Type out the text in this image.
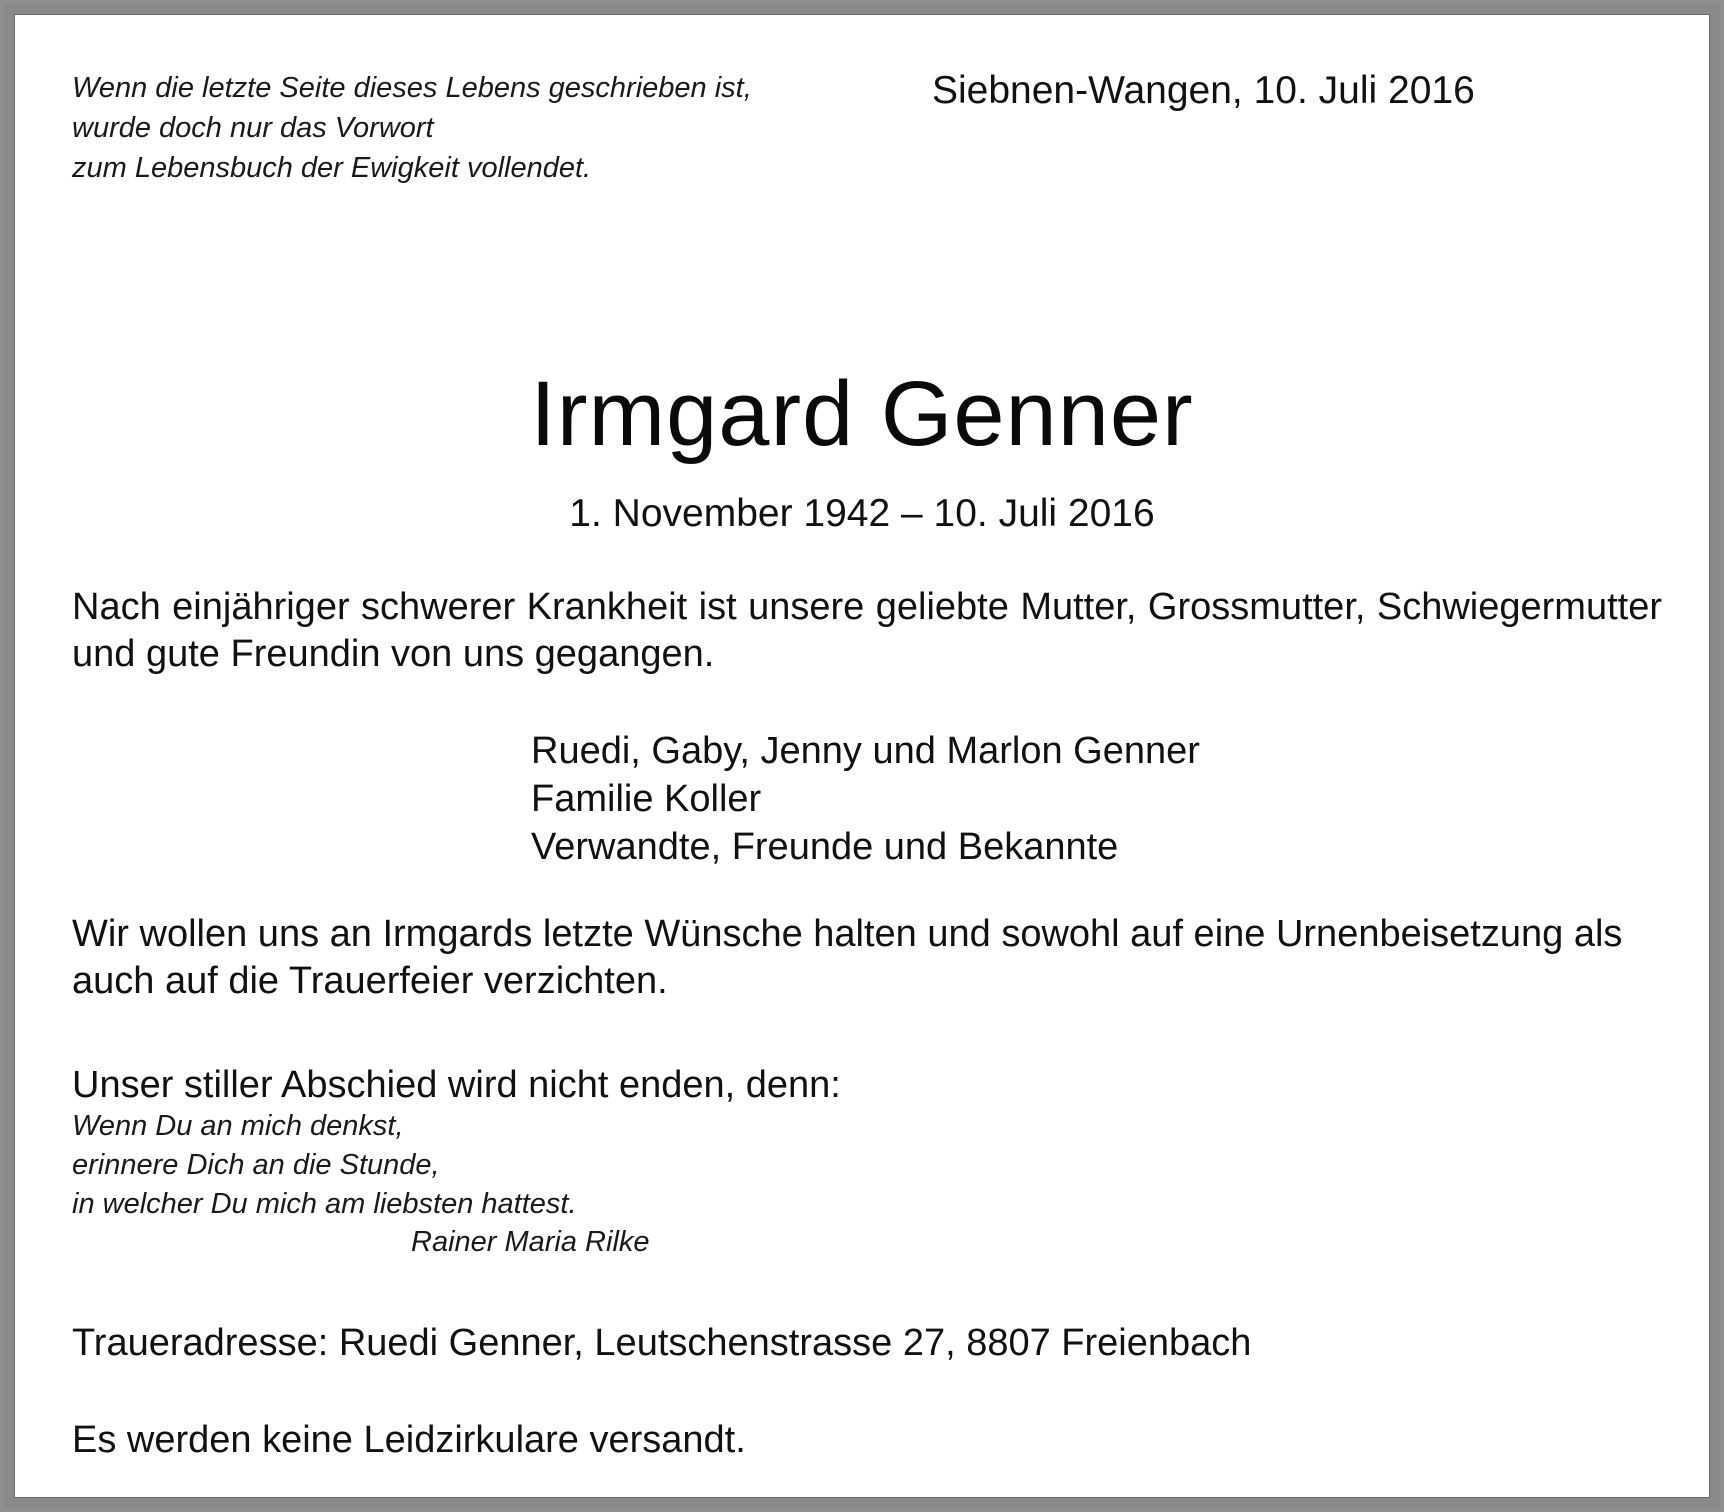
Wenn die letzte Seite dieses Lebens geschrieben ist,
wurde doch nur das Vorwort
zum Lebensbuch der Ewigkeit vollendet.
Siebnen-Wangen, 10. Juli 2016
Irmgard Genner
1. November 1942 – 10. Juli 2016
Nach einjähriger schwerer Krankheit ist unsere geliebte Mutter, Grossmutter, Schwiegermutter und gute Freundin von uns gegangen.
Ruedi, Gaby, Jenny und Marlon Genner
Familie Koller
Verwandte, Freunde und Bekannte
Wir wollen uns an Irmgards letzte Wünsche halten und sowohl auf eine Urnenbeisetzung als auch auf die Trauerfeier verzichten.
Unser stiller Abschied wird nicht enden, denn:
Wenn Du an mich denkst,
erinnere Dich an die Stunde,
in welcher Du mich am liebsten hattest.
Rainer Maria Rilke
Traueradresse: Ruedi Genner, Leutschenstrasse 27, 8807 Freienbach
Es werden keine Leidzirkulare versandt.
